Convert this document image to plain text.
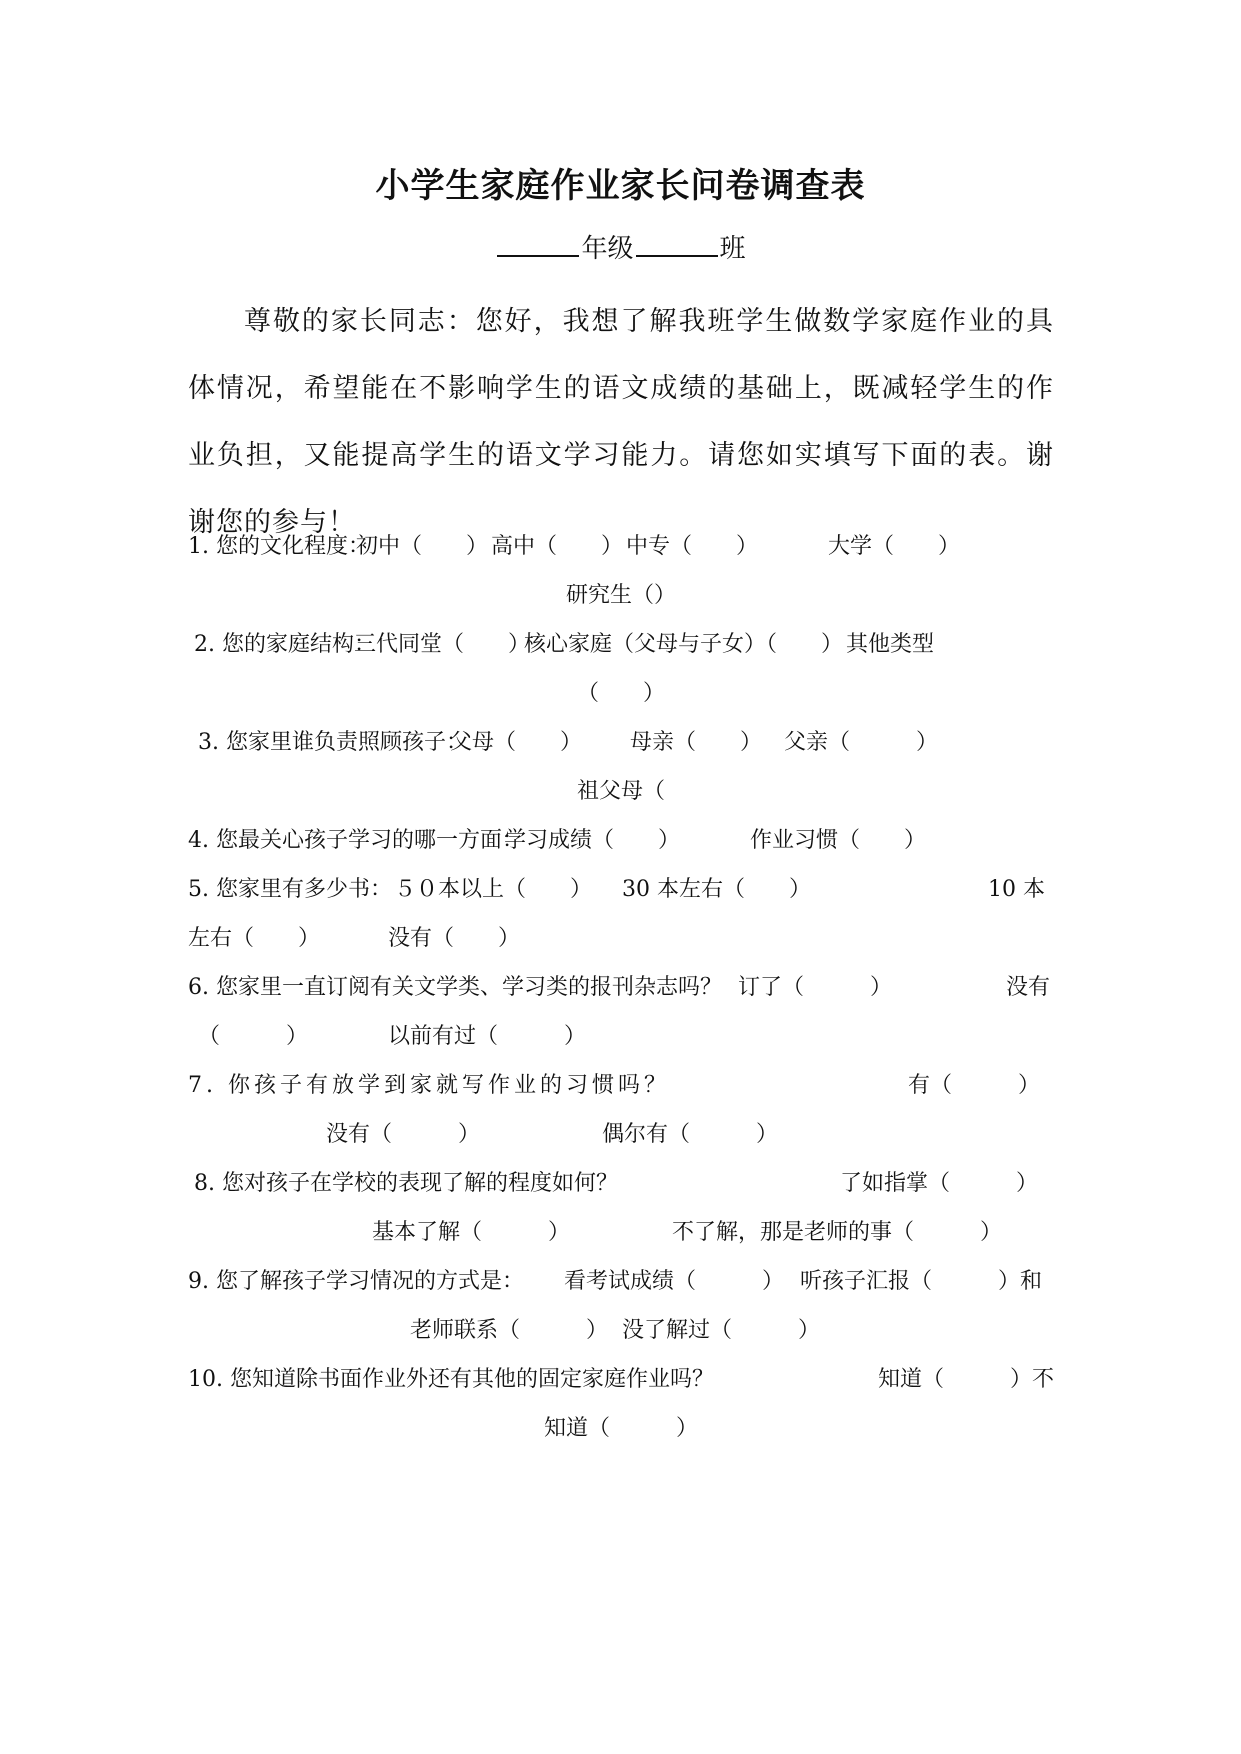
小学生家庭作业家长问卷调查表
年级	班
尊敬的家长同志：您好，我想了解我班学生做数学家庭作业的具体情况，希望能在不影响学生的语文成绩的基础上，既减轻学生的作业负担，又能提高学生的语文学习能力。请您如实填写下面的表。谢谢您的参与！
1. 您的文化程度：
初中（　　） 高中（　　） 中专（　　）	大学（　　）
研究生（）
2. 您的家庭结构：
三代同堂（　　）
核心家庭（父母与子女）（　　） 其他类型
（　　）
3. 您家里谁负责照顾孩子：
父母（　　） 母亲（　　） 父亲（　　　）
祖父母（
4. 您最关心孩子学习的哪一方面：
学习成绩（　　）	作业习惯（　　）
5. 您家里有多少书： ５０本以上（　　） 30 本左右（　　）	10 本
左右（　　）	没有（　　）
6. 您家里一直订阅有关文学类、学习类的报刊杂志吗？ 订了（　　　）	没有
（　　　）	以前有过（　　　）
7. 你孩子有放学到家就写作业的习惯吗？	有（　　　）
没有（　　　）	偶尔有（　　　）
8. 您对孩子在学校的表现了解的程度如何？	了如指掌（　　　）
基本了解（　　　）	不了解，那是老师的事（　　　）
9. 您了解孩子学习情况的方式是： 看考试成绩（　　　） 听孩子汇报（　　　）和
老师联系（　　　） 没了解过（　　　）
10. 您知道除书面作业外还有其他的固定家庭作业吗？	知道（　　　）不
知道（　　　）
